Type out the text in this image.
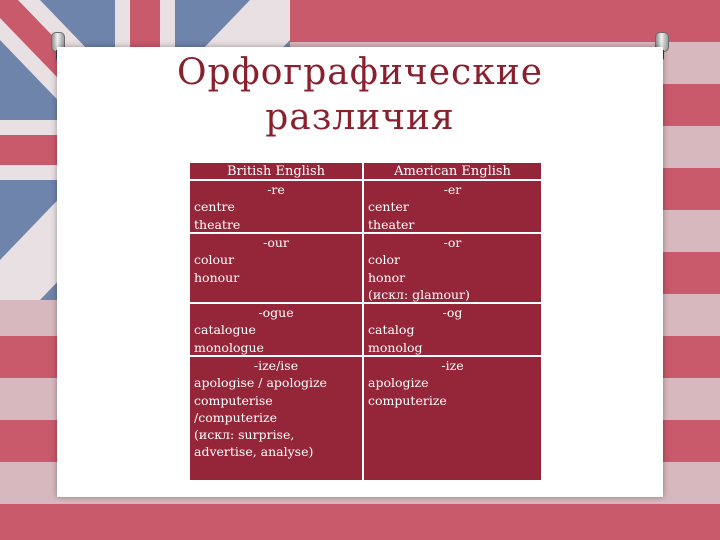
Орфографические
различия
British English	American English
-re
centre
theatre
-er
center
theater
-our
colour
honour
-or
color
honor
(искл: glamour)
-ogue
catalogue
monologue
-og
catalog
monolog
-ize/ise
apologise / apologize
computerise
/computerize
(искл: surprise,
advertise, analyse)
-ize
apologize
computerize
